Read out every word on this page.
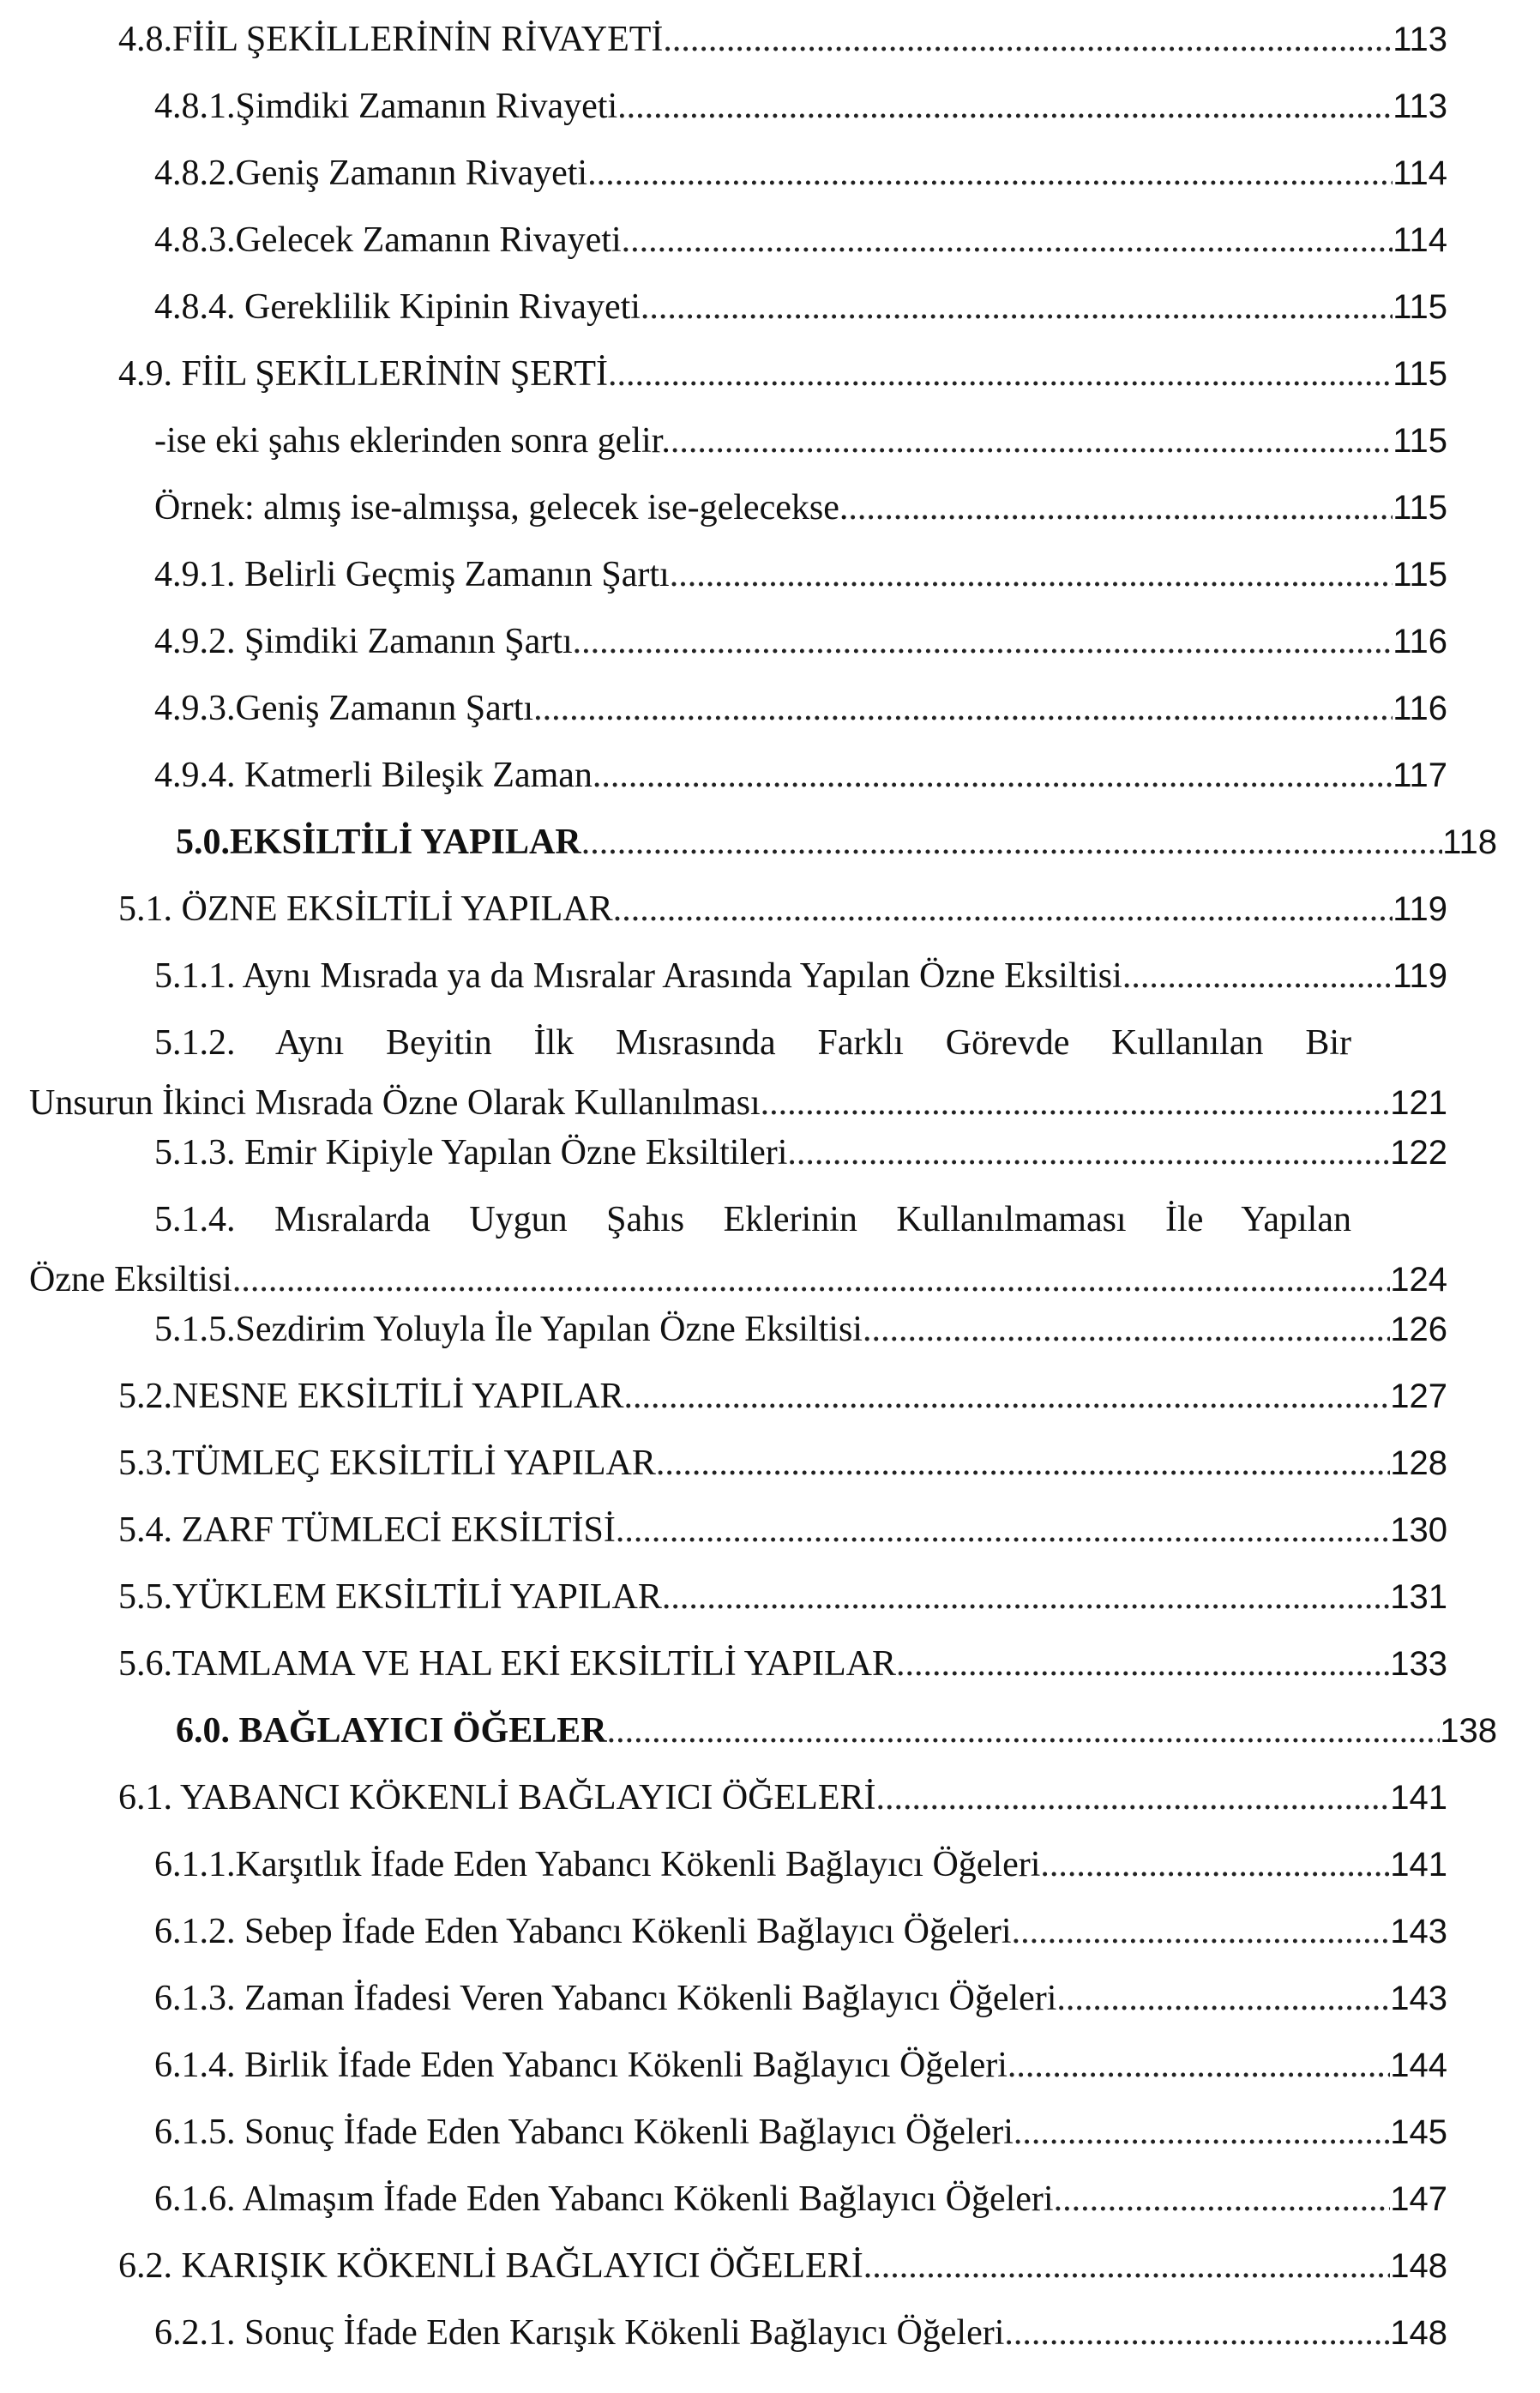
4.8.FİİL ŞEKİLLERİNİN RİVAYETİ .....	113
4.8.1.Şimdiki Zamanın Rivayeti .....	113
4.8.2.Geniş Zamanın Rivayeti .....	114
4.8.3.Gelecek Zamanın Rivayeti .....	114
4.8.4. Gereklilik Kipinin Rivayeti .....	115
4.9. FİİL ŞEKİLLERİNİN ŞERTİ .....	115
-ise eki şahıs eklerinden sonra gelir. .....	115
Örnek: almış ise-almışsa, gelecek ise-gelecekse. .....	115
4.9.1. Belirli Geçmiş Zamanın Şartı .....	115
4.9.2. Şimdiki Zamanın Şartı .....	116
4.9.3.Geniş Zamanın Şartı .....	116
4.9.4. Katmerli Bileşik Zaman .....	117
5.0.EKSİLTİLİ YAPILAR .....	118
5.1. ÖZNE EKSİLTİLİ YAPILAR .....	119
5.1.1. Aynı Mısrada ya da Mısralar Arasında Yapılan Özne Eksiltisi .....	119
5.1.2. Aynı Beyitin İlk Mısrasında Farklı Görevde Kullanılan Bir
Unsurun İkinci Mısrada Özne Olarak Kullanılması .....	121
5.1.3. Emir Kipiyle Yapılan Özne Eksiltileri .....	122
5.1.4. Mısralarda Uygun Şahıs Eklerinin Kullanılmaması İle Yapılan
Özne Eksiltisi .....	124
5.1.5.Sezdirim Yoluyla İle Yapılan Özne Eksiltisi .....	126
5.2.NESNE EKSİLTİLİ YAPILAR .....	127
5.3.TÜMLEÇ EKSİLTİLİ YAPILAR .....	128
5.4. ZARF TÜMLECİ EKSİLTİSİ .....	130
5.5.YÜKLEM EKSİLTİLİ YAPILAR .....	131
5.6.TAMLAMA VE HAL EKİ EKSİLTİLİ YAPILAR .....	133
6.0. BAĞLAYICI ÖĞELER .....	138
6.1. YABANCI KÖKENLİ BAĞLAYICI ÖĞELERİ .....	141
6.1.1.Karşıtlık İfade Eden Yabancı Kökenli Bağlayıcı Öğeleri .....	141
6.1.2. Sebep İfade Eden Yabancı Kökenli Bağlayıcı Öğeleri .....	143
6.1.3. Zaman İfadesi Veren Yabancı Kökenli Bağlayıcı Öğeleri .....	143
6.1.4. Birlik İfade Eden Yabancı Kökenli Bağlayıcı Öğeleri .....	144
6.1.5. Sonuç İfade Eden Yabancı Kökenli Bağlayıcı Öğeleri .....	145
6.1.6. Almaşım İfade Eden Yabancı Kökenli Bağlayıcı Öğeleri .....	147
6.2. KARIŞIK KÖKENLİ BAĞLAYICI ÖĞELERİ .....	148
6.2.1. Sonuç İfade Eden Karışık Kökenli Bağlayıcı Öğeleri .....	148
